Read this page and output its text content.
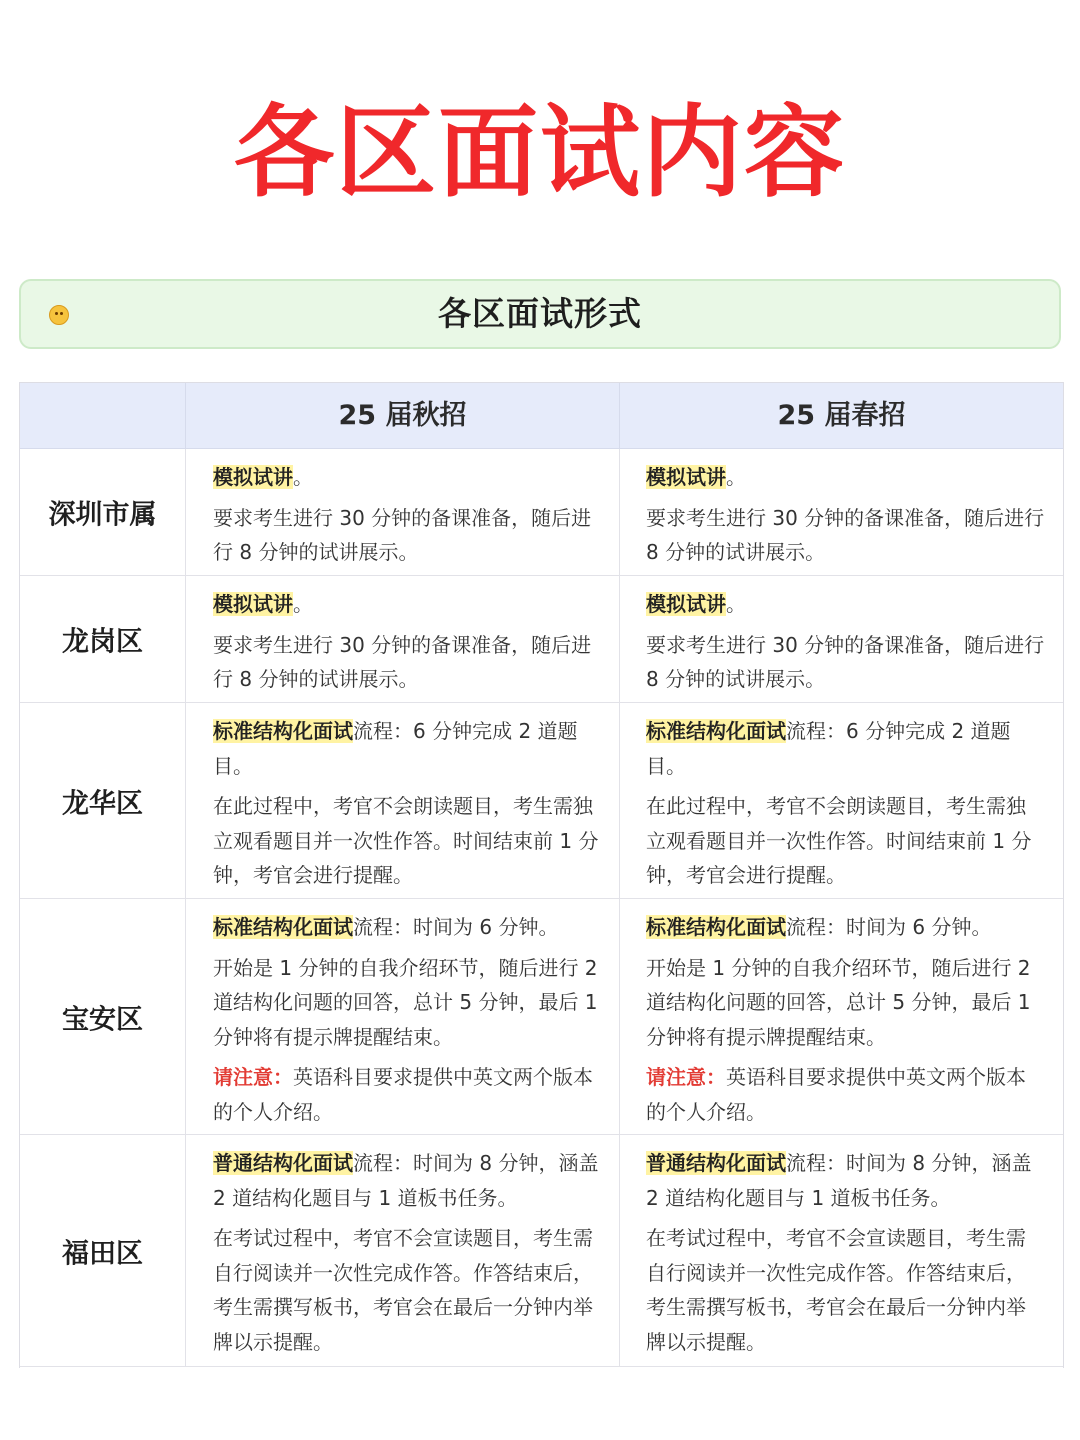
各区面试内容
各区面试形式
25 届秋招	25 届春招
深圳市属

模拟试讲。

要求考生进行 30 分钟的备课准备，随后进行 8 分钟的试讲展示。

模拟试讲。

要求考生进行 30 分钟的备课准备，随后进行 8 分钟的试讲展示。

龙岗区

模拟试讲。

要求考生进行 30 分钟的备课准备，随后进行 8 分钟的试讲展示。

模拟试讲。

要求考生进行 30 分钟的备课准备，随后进行 8 分钟的试讲展示。

龙华区

标准结构化面试流程：6 分钟完成 2 道题目。

在此过程中，考官不会朗读题目，考生需独立观看题目并一次性作答。时间结束前 1 分钟，考官会进行提醒。

标准结构化面试流程：6 分钟完成 2 道题目。

在此过程中，考官不会朗读题目，考生需独立观看题目并一次性作答。时间结束前 1 分钟，考官会进行提醒。

宝安区

标准结构化面试流程：时间为 6 分钟。

开始是 1 分钟的自我介绍环节，随后进行 2 道结构化问题的回答，总计 5 分钟，最后 1 分钟将有提示牌提醒结束。

请注意：英语科目要求提供中英文两个版本的个人介绍。

标准结构化面试流程：时间为 6 分钟。

开始是 1 分钟的自我介绍环节，随后进行 2 道结构化问题的回答，总计 5 分钟，最后 1 分钟将有提示牌提醒结束。

请注意：英语科目要求提供中英文两个版本的个人介绍。

福田区

普通结构化面试流程：时间为 8 分钟，涵盖 2 道结构化题目与 1 道板书任务。

在考试过程中，考官不会宣读题目，考生需自行阅读并一次性完成作答。作答结束后，考生需撰写板书，考官会在最后一分钟内举牌以示提醒。

普通结构化面试流程：时间为 8 分钟，涵盖 2 道结构化题目与 1 道板书任务。

在考试过程中，考官不会宣读题目，考生需自行阅读并一次性完成作答。作答结束后，考生需撰写板书，考官会在最后一分钟内举牌以示提醒。
